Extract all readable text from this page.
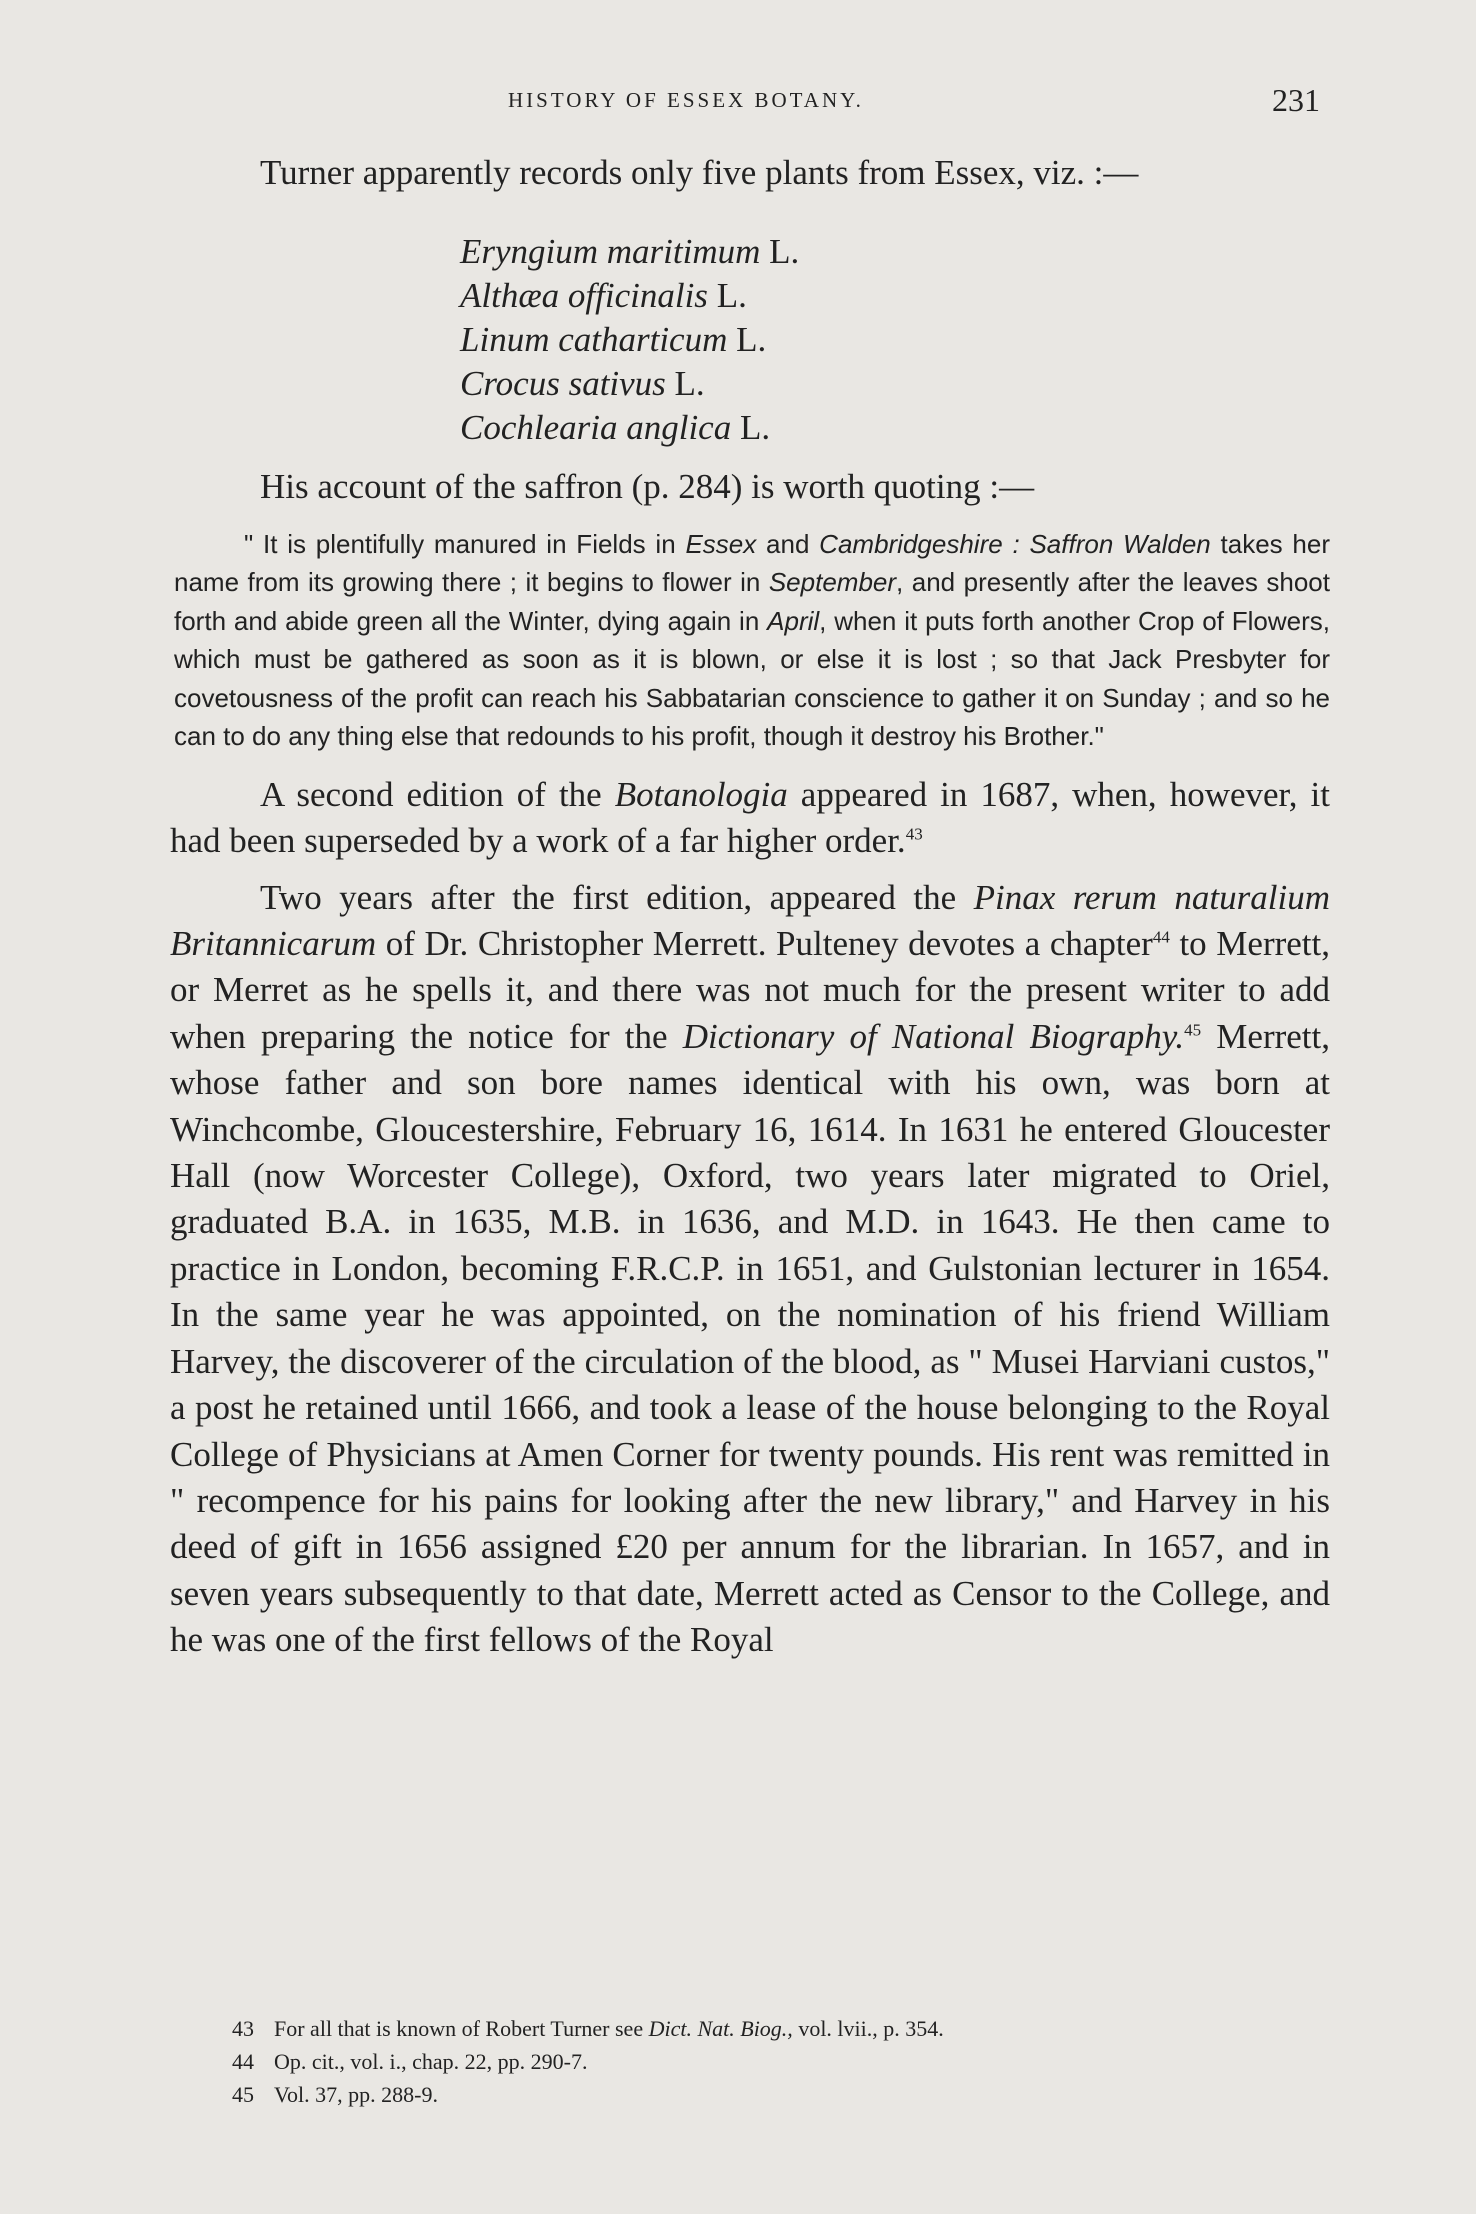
HISTORY OF ESSEX BOTANY.	231

Turner apparently records only five plants from Essex, viz. :—

Eryngium maritimum L.
Althæa officinalis L.
Linum catharticum L.
Crocus sativus L.
Cochlearia anglica L.

His account of the saffron (p. 284) is worth quoting :—

" It is plentifully manured in Fields in Essex and Cambridgeshire : Saffron Walden takes her name from its growing there ; it begins to flower in September, and presently after the leaves shoot forth and abide green all the Winter, dying again in April, when it puts forth another Crop of Flowers, which must be gathered as soon as it is blown, or else it is lost ; so that Jack Presbyter for covetousness of the profit can reach his Sabbatarian conscience to gather it on Sunday ; and so he can to do any thing else that redounds to his profit, though it destroy his Brother."

A second edition of the Botanologia appeared in 1687, when, however, it had been superseded by a work of a far higher order.$^{43}$

Two years after the first edition, appeared the Pinax rerum naturalium Britannicarum of Dr. Christopher Merrett. Pulteney devotes a chapter$^{44}$ to Merrett, or Merret as he spells it, and there was not much for the present writer to add when preparing the notice for the Dictionary of National Biography.$^{45}$ Merrett, whose father and son bore names identical with his own, was born at Winchcombe, Gloucestershire, February 16, 1614. In 1631 he entered Gloucester Hall (now Worcester College), Oxford, two years later migrated to Oriel, graduated B.A. in 1635, M.B. in 1636, and M.D. in 1643. He then came to practice in London, becoming F.R.C.P. in 1651, and Gulstonian lecturer in 1654. In the same year he was appointed, on the nomination of his friend William Harvey, the discoverer of the circulation of the blood, as " Musei Harviani custos," a post he retained until 1666, and took a lease of the house belonging to the Royal College of Physicians at Amen Corner for twenty pounds. His rent was remitted in " recompence for his pains for looking after the new library," and Harvey in his deed of gift in 1656 assigned £20 per annum for the librarian. In 1657, and in seven years subsequently to that date, Merrett acted as Censor to the College, and he was one of the first fellows of the Royal

43 For all that is known of Robert Turner see Dict. Nat. Biog., vol. lvii., p. 354.
44 Op. cit., vol. i., chap. 22, pp. 290-7.
45 Vol. 37, pp. 288-9.
